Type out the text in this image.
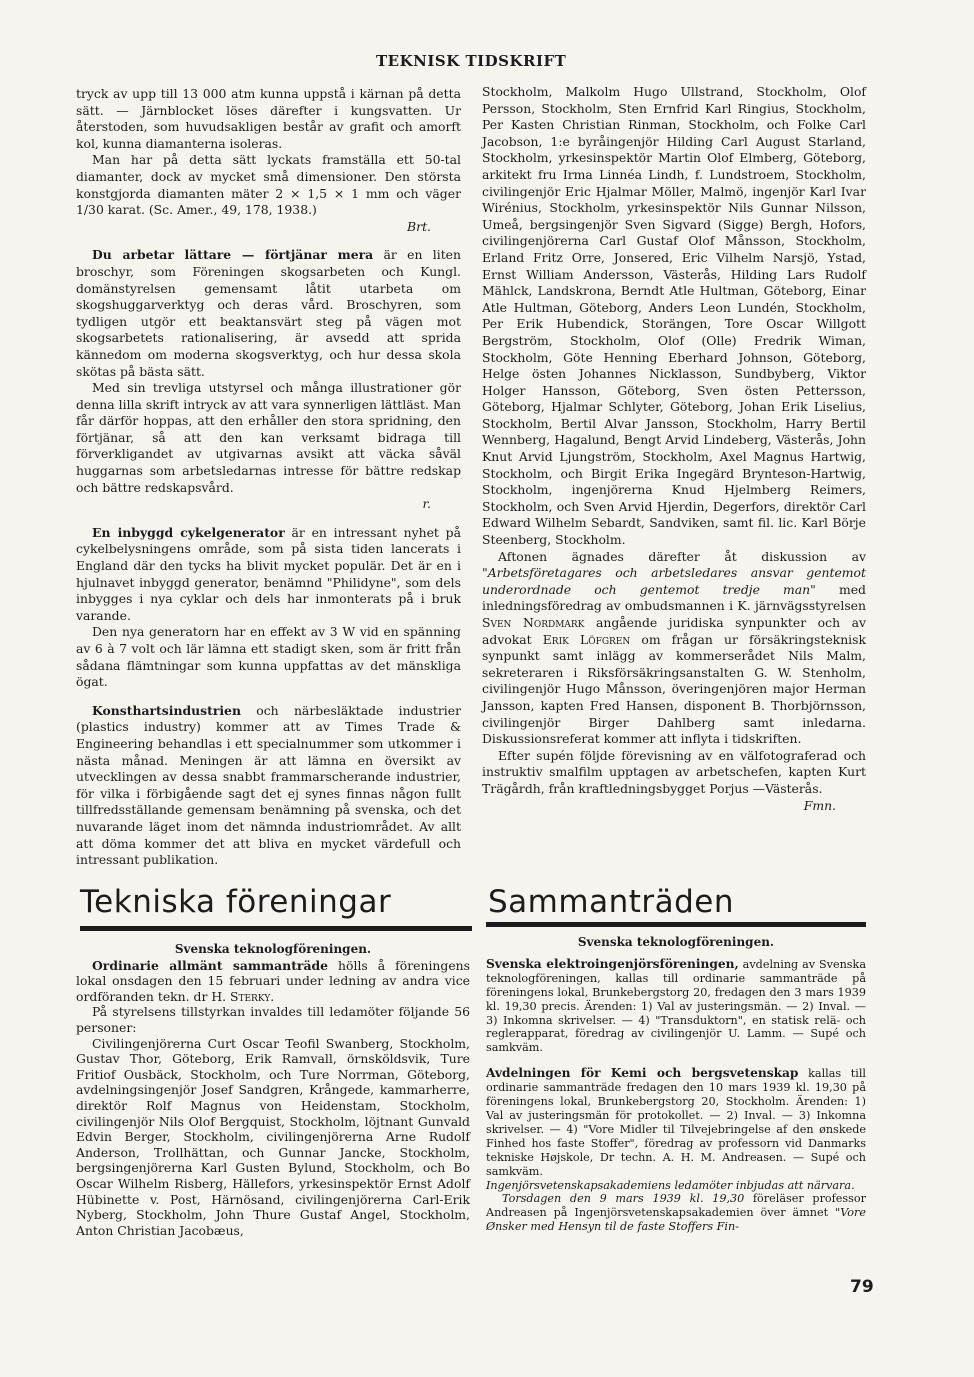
TEKNISK TIDSKRIFT

tryck av upp till 13 000 atm kunna uppstå i kärnan på detta sätt. — Järnblocket löses därefter i kungsvatten. Ur återstoden, som huvudsakligen består av grafit och amorft kol, kunna diamanterna isoleras.

Man har på detta sätt lyckats framställa ett 50-tal diamanter, dock av mycket små dimensioner. Den största konstgjorda diamanten mäter 2 × 1,5 × 1 mm och väger 1/30 karat. (Sc. Amer., 49, 178, 1938.)

Brt.

Du arbetar lättare — förtjänar mera är en liten broschyr, som Föreningen skogsarbeten och Kungl. domänstyrelsen gemensamt låtit utarbeta om skogshuggarverktyg och deras vård. Broschyren, som tydligen utgör ett beaktansvärt steg på vägen mot skogsarbetets rationalisering, är avsedd att sprida kännedom om moderna skogsverktyg, och hur dessa skola skötas på bästa sätt.

Med sin trevliga utstyrsel och många illustrationer gör denna lilla skrift intryck av att vara synnerligen lättläst. Man får därför hoppas, att den erhåller den stora spridning, den förtjänar, så att den kan verksamt bidraga till förverkligandet av utgivarnas avsikt att väcka såväl huggarnas som arbetsledarnas intresse för bättre redskap och bättre redskapsvård.

r.

En inbyggd cykelgenerator är en intressant nyhet på cykelbelysningens område, som på sista tiden lancerats i England där den tycks ha blivit mycket populär. Det är en i hjulnavet inbyggd generator, benämnd "Philidyne", som dels inbygges i nya cyklar och dels har inmonterats på i bruk varande.

Den nya generatorn har en effekt av 3 W vid en spänning av 6 à 7 volt och lär lämna ett stadigt sken, som är fritt från sådana flämtningar som kunna uppfattas av det mänskliga ögat.

Konsthartsindustrien och närbesläktade industrier (plastics industry) kommer att av Times Trade & Engineering behandlas i ett specialnummer som utkommer i nästa månad. Meningen är att lämna en översikt av utvecklingen av dessa snabbt frammarscherande industrier, för vilka i förbigående sagt det ej synes finnas någon fullt tillfredsställande gemensam benämning på svenska, och det nuvarande läget inom det nämnda industriområdet. Av allt att döma kommer det att bliva en mycket värdefull och intressant publikation.

Stockholm, Malkolm Hugo Ullstrand, Stockholm, Olof Persson, Stockholm, Sten Ernfrid Karl Ringius, Stockholm, Per Kasten Christian Rinman, Stockholm, och Folke Carl Jacobson, 1:e byråingenjör Hilding Carl August Starland, Stockholm, yrkesinspektör Martin Olof Elmberg, Göteborg, arkitekt fru Irma Linnéa Lindh, f. Lundstroem, Stockholm, civilingenjör Eric Hjalmar Möller, Malmö, ingenjör Karl Ivar Wirénius, Stockholm, yrkesinspektör Nils Gunnar Nilsson, Umeå, bergsingenjör Sven Sigvard (Sigge) Bergh, Hofors, civilingenjörerna Carl Gustaf Olof Månsson, Stockholm, Erland Fritz Orre, Jonsered, Eric Vilhelm Narsjö, Ystad, Ernst William Andersson, Västerås, Hilding Lars Rudolf Mählck, Landskrona, Berndt Atle Hultman, Göteborg, Einar Atle Hultman, Göteborg, Anders Leon Lundén, Stockholm, Per Erik Hubendick, Storängen, Tore Oscar Willgott Bergström, Stockholm, Olof (Olle) Fredrik Wiman, Stockholm, Göte Henning Eberhard Johnson, Göteborg, Helge östen Johannes Nicklasson, Sundbyberg, Viktor Holger Hansson, Göteborg, Sven östen Pettersson, Göteborg, Hjalmar Schlyter, Göteborg, Johan Erik Liselius, Stockholm, Bertil Alvar Jansson, Stockholm, Harry Bertil Wennberg, Hagalund, Bengt Arvid Lindeberg, Västerås, John Knut Arvid Ljungström, Stockholm, Axel Magnus Hartwig, Stockholm, och Birgit Erika Ingegärd Brynteson-Hartwig, Stockholm, ingenjörerna Knud Hjelmberg Reimers, Stockholm, och Sven Arvid Hjerdin, Degerfors, direktör Carl Edward Wilhelm Sebardt, Sandviken, samt fil. lic. Karl Börje Steenberg, Stockholm.

Aftonen ägnades därefter åt diskussion av "Arbetsföretagares och arbetsledares ansvar gentemot underordnade och gentemot tredje man" med inledningsföredrag av ombudsmannen i K. järnvägsstyrelsen Sven Nordmark angående juridiska synpunkter och av advokat Erik Löfgren om frågan ur försäkringsteknisk synpunkt samt inlägg av kommerserådet Nils Malm, sekreteraren i Riksförsäkringsanstalten G. W. Stenholm, civilingenjör Hugo Månsson, överingenjören major Herman Jansson, kapten Fred Hansen, disponent B. Thorbjörnsson, civilingenjör Birger Dahlberg samt inledarna. Diskussionsreferat kommer att inflyta i tidskriften.

Efter supén följde förevisning av en välfotograferad och instruktiv smalfilm upptagen av arbetschefen, kapten Kurt Trägårdh, från kraftledningsbygget Porjus —Västerås.

Fmn.
Tekniska föreningar	Sammanträden
Svenska teknologföreningen.

Ordinarie allmänt sammanträde hölls å föreningens lokal onsdagen den 15 februari under ledning av andra vice ordföranden tekn. dr H. Sterky.

På styrelsens tillstyrkan invaldes till ledamöter följande 56 personer:

Civilingenjörerna Curt Oscar Teofil Swanberg, Stockholm, Gustav Thor, Göteborg, Erik Ramvall, örnsköldsvik, Ture Fritiof Ousbäck, Stockholm, och Ture Norrman, Göteborg, avdelningsingenjör Josef Sandgren, Krångede, kammarherre, direktör Rolf Magnus von Heidenstam, Stockholm, civilingenjör Nils Olof Bergquist, Stockholm, löjtnant Gunvald Edvin Berger, Stockholm, civilingenjörerna Arne Rudolf Anderson, Trollhättan, och Gunnar Jancke, Stockholm, bergsingenjörerna Karl Gusten Bylund, Stockholm, och Bo Oscar Wilhelm Risberg, Hällefors, yrkesinspektör Ernst Adolf Hübinette v. Post, Härnösand, civilingenjörerna Carl-Erik Nyberg, Stockholm, John Thure Gustaf Angel, Stockholm, Anton Christian Jacobæus,

Svenska teknologföreningen.

Svenska elektroingenjörsföreningen, avdelning av Svenska teknologföreningen, kallas till ordinarie sammanträde på föreningens lokal, Brunkebergstorg 20, fredagen den 3 mars 1939 kl. 19,30 precis. Ärenden: 1) Val av justeringsmän. — 2) Inval. — 3) Inkomna skrivelser. — 4) "Transduktorn", en statisk relä- och reglerapparat, föredrag av civilingenjör U. Lamm. — Supé och samkväm.

Avdelningen för Kemi och bergsvetenskap kallas till ordinarie sammanträde fredagen den 10 mars 1939 kl. 19,30 på föreningens lokal, Brunkebergstorg 20, Stockholm. Ärenden: 1) Val av justeringsmän för protokollet. — 2) Inval. — 3) Inkomna skrivelser. — 4) "Vore Midler til Tilvejebringelse af den ønskede Finhed hos faste Stoffer", föredrag av professorn vid Danmarks tekniske Højskole, Dr techn. A. H. M. Andreasen. — Supé och samkväm.

Ingenjörsvetenskapsakademiens ledamöter inbjudas att närvara.

Torsdagen den 9 mars 1939 kl. 19,30 föreläser professor Andreasen på Ingenjörsvetenskapsakademien över ämnet "Vore Ønsker med Hensyn til de faste Stoffers Fin-

79
